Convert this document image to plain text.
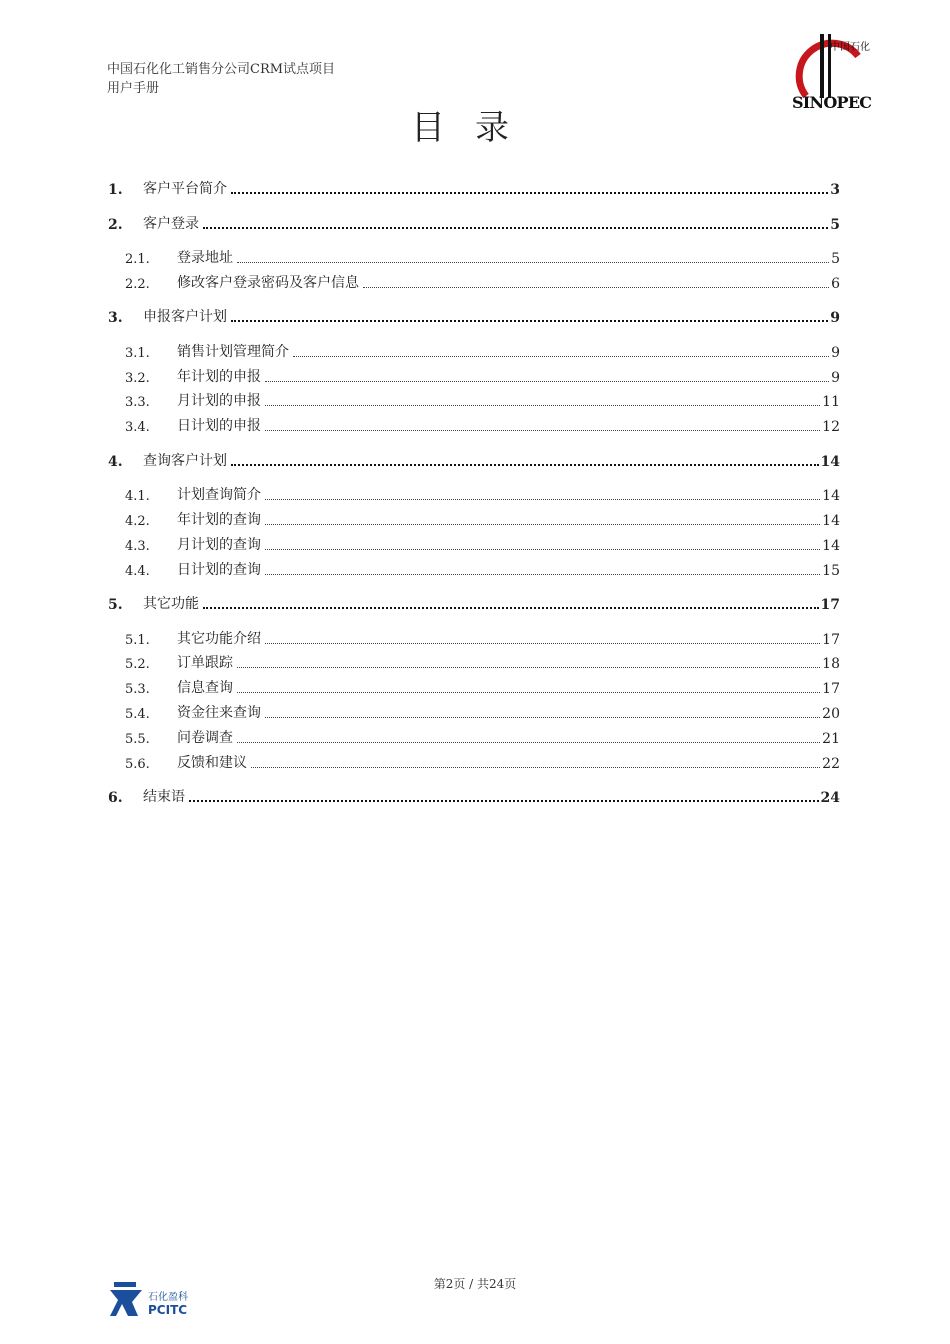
中国石化化工销售分公司CRM试点项目
用户手册
中国石化
SINOPEC
目录
1.	客户平台简介	3
2.	客户登录	5
2.1.	登录地址	5
2.2.	修改客户登录密码及客户信息	6
3.	申报客户计划	9
3.1.	销售计划管理简介	9
3.2.	年计划的申报	9
3.3.	月计划的申报	11
3.4.	日计划的申报	12
4.	查询客户计划	14
4.1.	计划查询简介	14
4.2.	年计划的查询	14
4.3.	月计划的查询	14
4.4.	日计划的查询	15
5.	其它功能	17
5.1.	其它功能介绍	17
5.2.	订单跟踪	18
5.3.	信息查询	17
5.4.	资金往来查询	20
5.5.	问卷调查	21
5.6.	反馈和建议	22
6.	结束语	24
第2页 / 共24页
石化盈科
PCITC
